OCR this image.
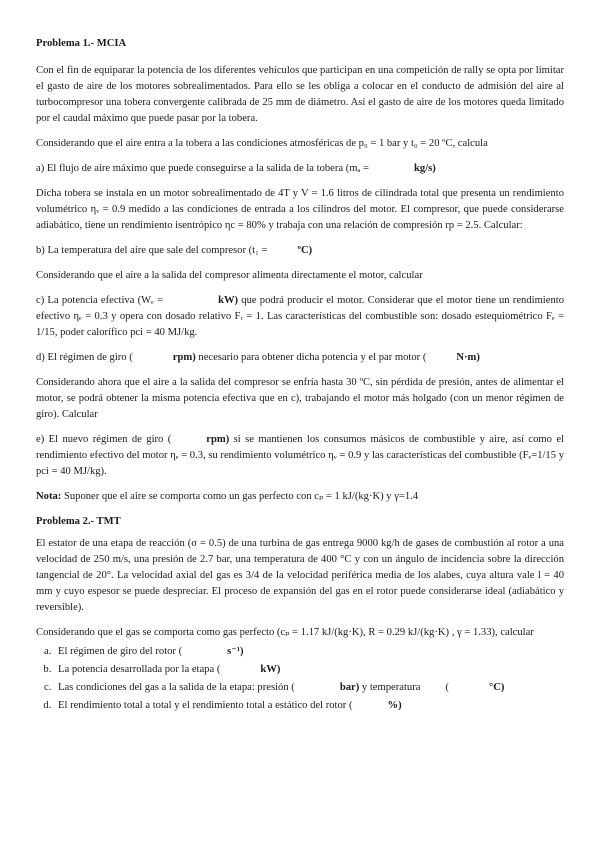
Problema 1.- MCIA

Con el fin de equiparar la potencia de los diferentes vehículos que participan en una competición de rally se opta por limitar el gasto de aire de los motores sobrealimentados. Para ello se les obliga a colocar en el conducto de admisión del aire al turbocompresor una tobera convergente calibrada de 25 mm de diámetro. Así el gasto de aire de los motores queda limitado por el caudal máximo que puede pasar por la tobera.

Considerando que el aire entra a la tobera a las condiciones atmosféricas de p₀ = 1 bar y t₀ = 20 ºC, calcula

a) El flujo de aire máximo que puede conseguirse a la salida de la tobera (mₐ =	kg/s)

Dicha tobera se instala en un motor sobrealimentado de 4T y V = 1.6 litros de cilindrada total que presenta un rendimiento volumétrico ηᵥ = 0.9 medido a las condiciones de entrada a los cilindros del motor. El compresor, que puede considerarse adiabático, tiene un rendimiento isentrópico ηc = 80% y trabaja con una relación de compresión rp = 2.5. Calcular:

b) La temperatura del aire que sale del compresor (t₁ =	ºC)

Considerando que el aire a la salida del compresor alimenta directamente el motor, calcular

c) La potencia efectiva (Wₑ =	kW) que podrá producir el motor. Considerar que el motor tiene un rendimiento efectivo ηₑ = 0.3 y opera con dosado relativo Fᵣ = 1. Las características del combustible son: dosado estequiométrico Fₑ = 1/15, poder calorífico pci = 40 MJ/kg.

d) El régimen de giro (	rpm) necesario para obtener dicha potencia y el par motor (	N·m)

Considerando ahora que el aire a la salida del compresor se enfría hasta 30 ºC, sin pérdida de presión, antes de alimentar el motor, se podrá obtener la misma potencia efectiva que en c), trabajando el motor más holgado (con un menor régimen de giro). Calcular

e) El nuevo régimen de giro (	rpm) si se mantienen los consumos másicos de combustible y aire, así como el rendimiento efectivo del motor ηₑ = 0.3, su rendimiento volumétrico ηᵥ = 0.9 y las características del combustible (Fₑ=1/15 y pci = 40 MJ/kg).

Nota: Suponer que el aire se comporta como un gas perfecto con cₚ = 1 kJ/(kg·K) y γ=1.4

Problema 2.- TMT

El estator de una etapa de reacción (σ = 0.5) de una turbina de gas entrega 9000 kg/h de gases de combustión al rotor a una velocidad de 250 m/s, una presión de 2.7 bar, una temperatura de 400 °C y con un ángulo de incidencia sobre la dirección tangencial de 20°. La velocidad axial del gas es 3/4 de la velocidad periférica media de los alabes, cuya altura vale l = 40 mm y cuyo espesor se puede despreciar. El proceso de expansión del gas en el rotor puede considerarse ideal (adiabático y reversible).

Considerando que el gas se comporta como gas perfecto (cₚ = 1.17 kJ/(kg·K), R = 0.29 kJ/(kg·K) , γ = 1.33), calcular

a. El régimen de giro del rotor (	s⁻¹)
b. La potencia desarrollada por la etapa (	kW)
c. Las condiciones del gas a la salida de la etapa: presión (	bar) y temperatura (	°C)
d. El rendimiento total a total y el rendimiento total a estático del rotor (	%)
